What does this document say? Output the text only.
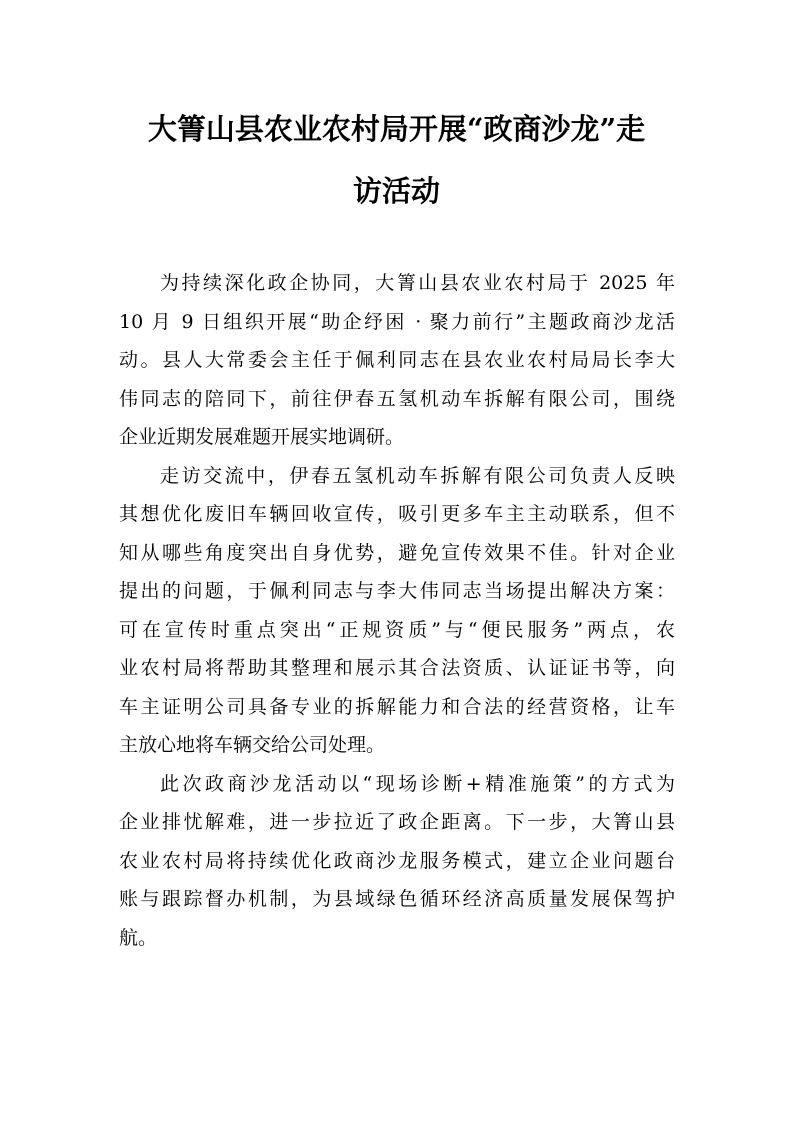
大箐山县农业农村局开展“政商沙龙”走
访活动
为持续深化政企协同，大箐山县农业农村局于 2025 年
10 月 9 日组织开展“助企纾困 · 聚力前行”主题政商沙龙活
动。县人大常委会主任于佩利同志在县农业农村局局长李大
伟同志的陪同下，前往伊春五氢机动车拆解有限公司，围绕
企业近期发展难题开展实地调研。
走访交流中，伊春五氢机动车拆解有限公司负责人反映
其想优化废旧车辆回收宣传，吸引更多车主主动联系，但不
知从哪些角度突出自身优势，避免宣传效果不佳。针对企业
提出的问题，于佩利同志与李大伟同志当场提出解决方案：
可在宣传时重点突出“正规资质”与“便民服务”两点，农
业农村局将帮助其整理和展示其合法资质、认证证书等，向
车主证明公司具备专业的拆解能力和合法的经营资格，让车
主放心地将车辆交给公司处理。
此次政商沙龙活动以“现场诊断+精准施策”的方式为
企业排忧解难，进一步拉近了政企距离。下一步，大箐山县
农业农村局将持续优化政商沙龙服务模式，建立企业问题台
账与跟踪督办机制，为县域绿色循环经济高质量发展保驾护
航。
